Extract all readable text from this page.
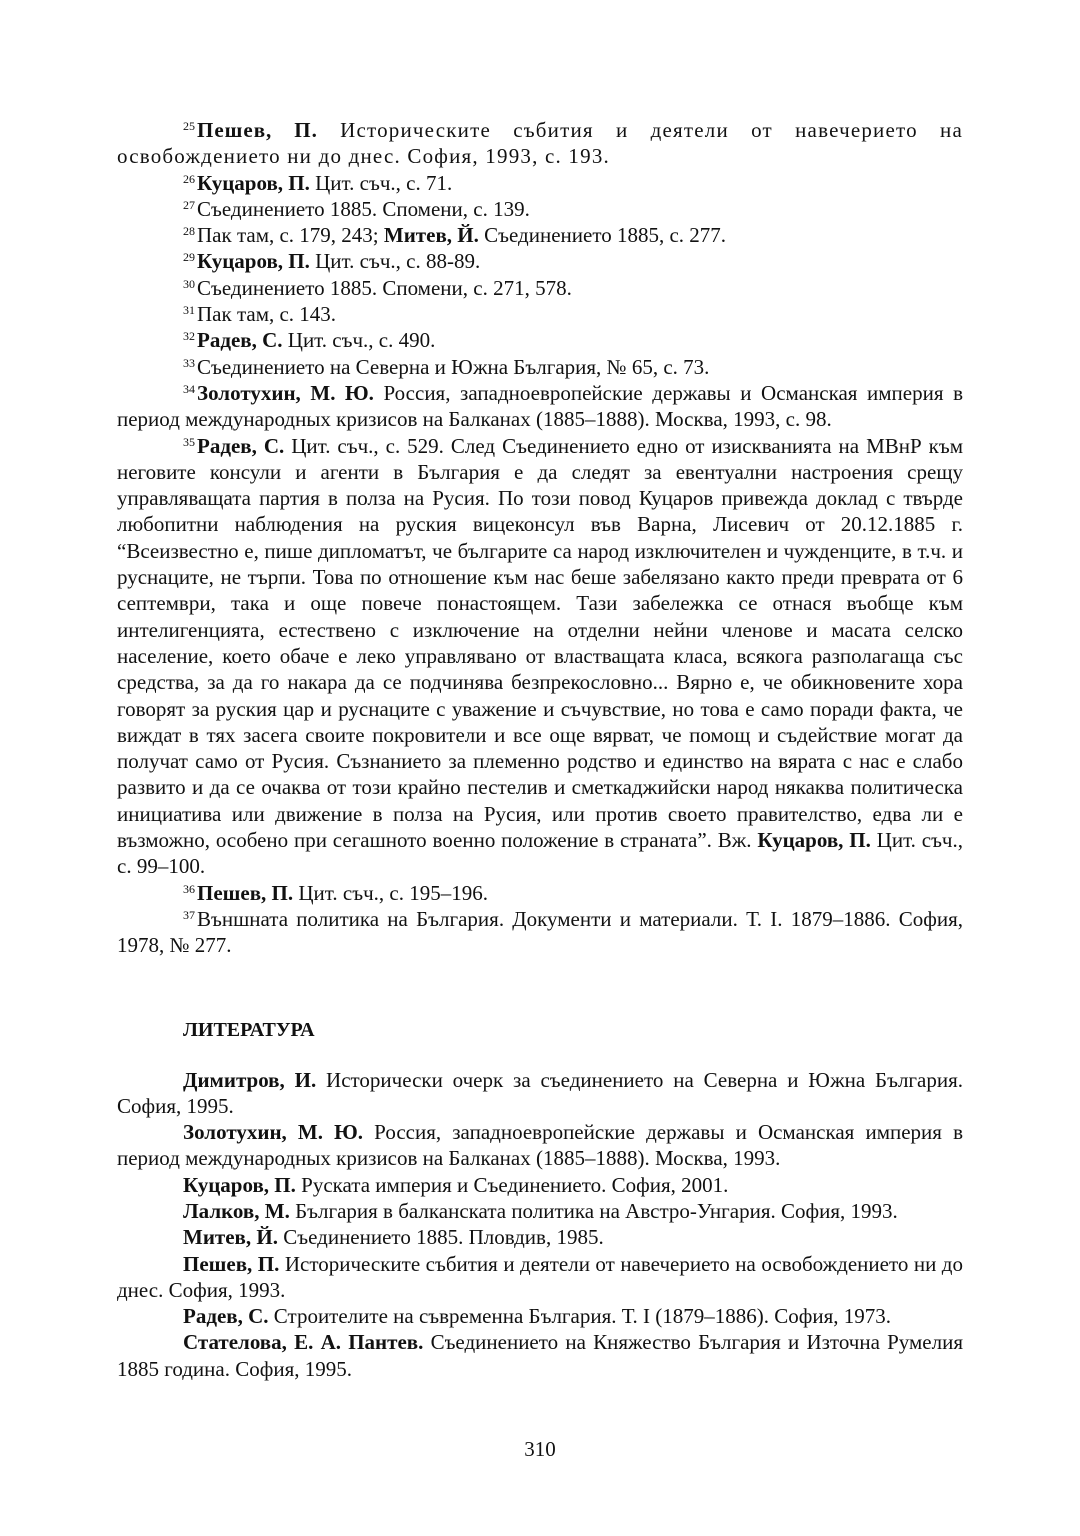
$^{25}$Пешев, П. Историческите събития и деятели от навечерието на освобождението ни до днес. София, 1993, с. 193.

$^{26}$Куцаров, П. Цит. съч., с. 71.

$^{27}$Съединението 1885. Спомени, с. 139.

$^{28}$Пак там, с. 179, 243; Митев, Й. Съединението 1885, с. 277.

$^{29}$Куцаров, П. Цит. съч., с. 88-89.

$^{30}$Съединението 1885. Спомени, с. 271, 578.

$^{31}$Пак там, с. 143.

$^{32}$Радев, С. Цит. съч., с. 490.

$^{33}$Съединението на Северна и Южна България, № 65, с. 73.

$^{34}$Золотухин, М. Ю. Россия, западноевропейские державы и Османская империя в период международных кризисов на Балканах (1885–1888). Москва, 1993, с. 98.

$^{35}$Радев, С. Цит. съч., с. 529. След Съединението едно от изискванията на МВнР към неговите консули и агенти в България е да следят за евентуални настроения срещу управляващата партия в полза на Русия. По този повод Куцаров привежда доклад с твърде любопитни наблюдения на руския вицеконсул във Варна, Лисевич от 20.12.1885 г. “Всеизвестно е, пише дипломатът, че българите са народ изключителен и чужденците, в т.ч. и руснаците, не търпи. Това по отношение към нас беше забелязано както преди преврата от 6 септември, така и още повече понастоящем. Тази забележка се отнася въобще към интелигенцията, естествено с изключение на отделни нейни членове и масата селско население, което обаче е леко управлявано от властващата класа, всякога разполагаща със средства, за да го накара да се подчинява безпрекословно... Вярно е, че обикновените хора говорят за руския цар и руснаците с уважение и съчувствие, но това е само поради факта, че виждат в тях засега своите покровители и все още вярват, че помощ и съдействие могат да получат само от Русия. Съзнанието за племенно родство и единство на вярата с нас е слабо развито и да се очаква от този крайно пестелив и сметкаджийски народ някаква политическа инициатива или движение в полза на Русия, или против своето правителство, едва ли е възможно, особено при сегашното военно положение в страната”. Вж. Куцаров, П. Цит. съч., с. 99–100.

$^{36}$Пешев, П. Цит. съч., с. 195–196.

$^{37}$Външната политика на България. Документи и материали. Т. I. 1879–1886. София, 1978, № 277.

ЛИТЕРАТУРА

Димитров, И. Исторически очерк за съединението на Северна и Южна България. София, 1995.

Золотухин, М. Ю. Россия, западноевропейские державы и Османская империя в период международных кризисов на Балканах (1885–1888). Москва, 1993.

Куцаров, П. Руската империя и Съединението. София, 2001.

Лалков, М. България в балканската политика на Австро-Унгария. София, 1993.

Митев, Й. Съединението 1885. Пловдив, 1985.

Пешев, П. Историческите събития и деятели от навечерието на освобождението ни до днес. София, 1993.

Радев, С. Строителите на съвременна България. Т. I (1879–1886). София, 1973.

Статeлова, Е. А. Пантев. Съединението на Княжество България и Източна Румелия 1885 година. София, 1995.

310
